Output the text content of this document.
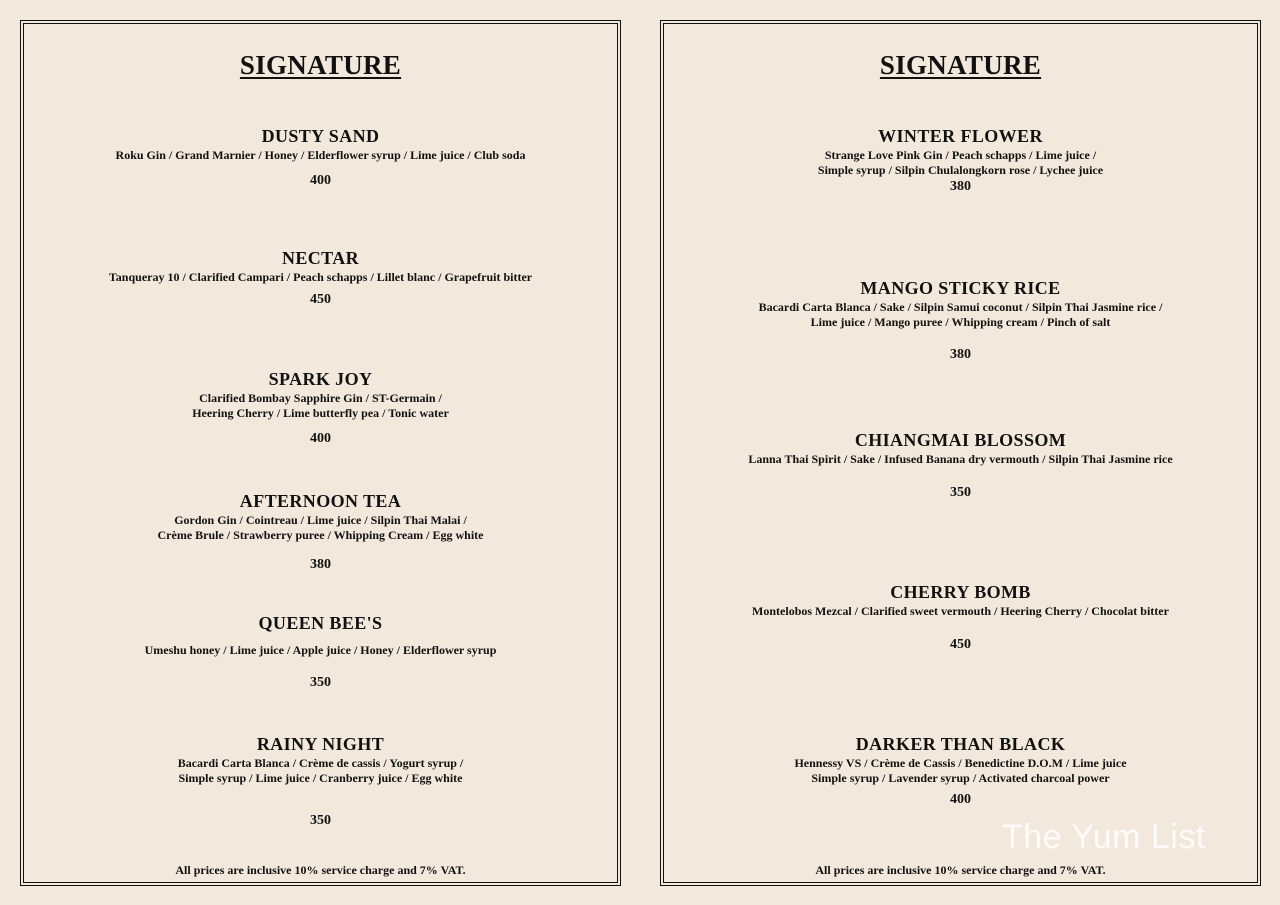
SIGNATURE
DUSTY SAND
Roku Gin / Grand Marnier / Honey / Elderflower syrup / Lime juice / Club soda
400
NECTAR
Tanqueray 10 / Clarified Campari / Peach schapps / Lillet blanc / Grapefruit bitter
450
SPARK JOY
Clarified Bombay Sapphire Gin / ST-Germain /
Heering Cherry / Lime butterfly pea / Tonic water
400
AFTERNOON TEA
Gordon Gin / Cointreau / Lime juice / Silpin Thai Malai /
Crème Brule / Strawberry puree / Whipping Cream / Egg white
380
QUEEN BEE'S
Umeshu honey / Lime juice / Apple juice / Honey / Elderflower syrup
350
RAINY NIGHT
Bacardi Carta Blanca / Crème de cassis / Yogurt syrup /
Simple syrup / Lime juice / Cranberry juice / Egg white
350
All prices are inclusive 10% service charge and 7% VAT.
SIGNATURE
WINTER FLOWER
Strange Love Pink Gin / Peach schapps / Lime juice /
Simple syrup / Silpin Chulalongkorn rose / Lychee juice
380
MANGO STICKY RICE
Bacardi Carta Blanca / Sake / Silpin Samui coconut / Silpin Thai Jasmine rice /
Lime juice / Mango puree / Whipping cream / Pinch of salt
380
CHIANGMAI BLOSSOM
Lanna Thai Spirit / Sake / Infused Banana dry vermouth / Silpin Thai Jasmine rice
350
CHERRY BOMB
Montelobos Mezcal / Clarified sweet vermouth / Heering Cherry / Chocolat bitter
450
DARKER THAN BLACK
Hennessy VS / Crème de Cassis / Benedictine D.O.M / Lime juice
Simple syrup / Lavender syrup / Activated charcoal power
400
All prices are inclusive 10% service charge and 7% VAT.
The Yum List
